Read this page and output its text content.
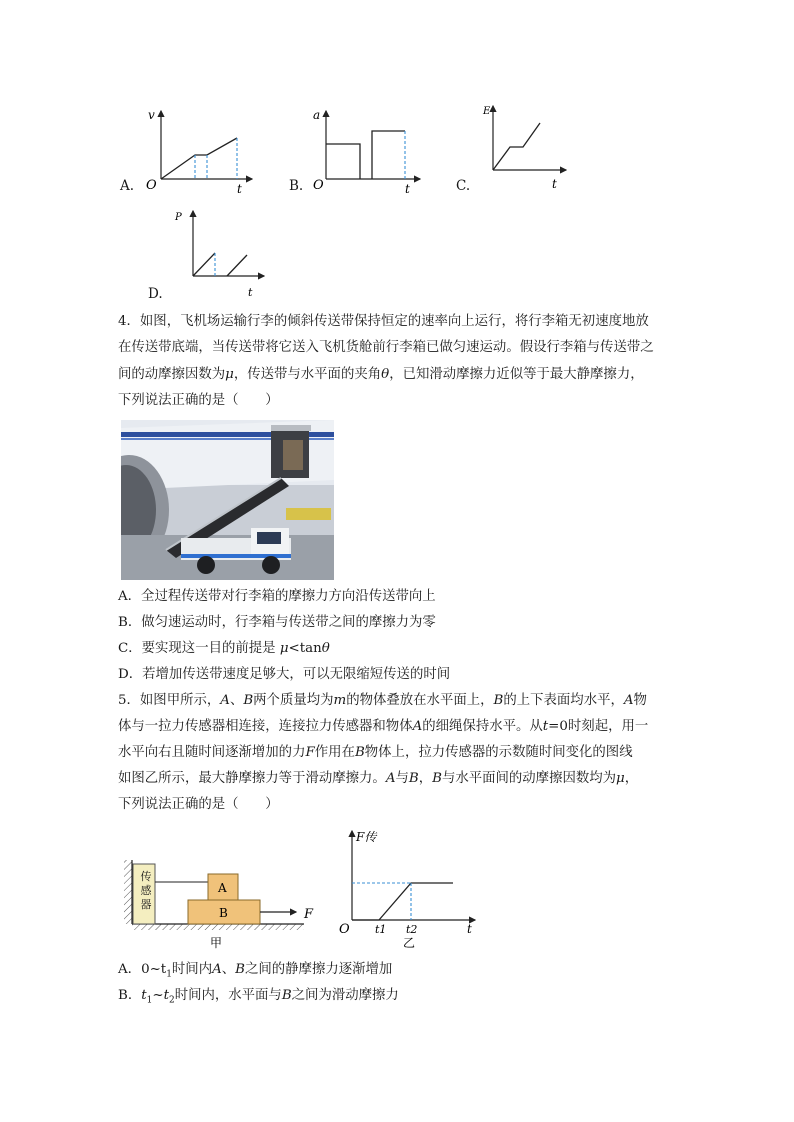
A.
v
O	t	B.
a
O	t	C.
E
t
D.
P
t
4．如图，飞机场运输行李的倾斜传送带保持恒定的速率向上运行，将行李箱无初速度地放
在传送带底端，当传送带将它送入飞机货舱前行李箱已做匀速运动。假设行李箱与传送带之
间的动摩擦因数为μ，传送带与水平面的夹角θ，已知滑动摩擦力近似等于最大静摩擦力，
下列说法正确的是（　　）
A．全过程传送带对行李箱的摩擦力方向沿传送带向上
B．做匀速运动时，行李箱与传送带之间的摩擦力为零
C．要实现这一目的前提是 μ<tanθ
D．若增加传送带速度足够大，可以无限缩短传送的时间
5．如图甲所示，A、B两个质量均为m的物体叠放在水平面上，B的上下表面均水平，A物
体与一拉力传感器相连接，连接拉力传感器和物体A的细绳保持水平。从t=0时刻起，用一
水平向右且随时间逐渐增加的力F作用在B物体上，拉力传感器的示数随时间变化的图线
如图乙所示，最大静摩擦力等于滑动摩擦力。A与B，B与水平面间的动摩擦因数均为μ，
下列说法正确的是（　　）
A
B	F
甲
传感器
F传
O t1 t2	t
乙
A．$0\sim t_1$时间内A、B之间的静摩擦力逐渐增加
B．$t_1\sim t_2$时间内，水平面与B之间为滑动摩擦力
